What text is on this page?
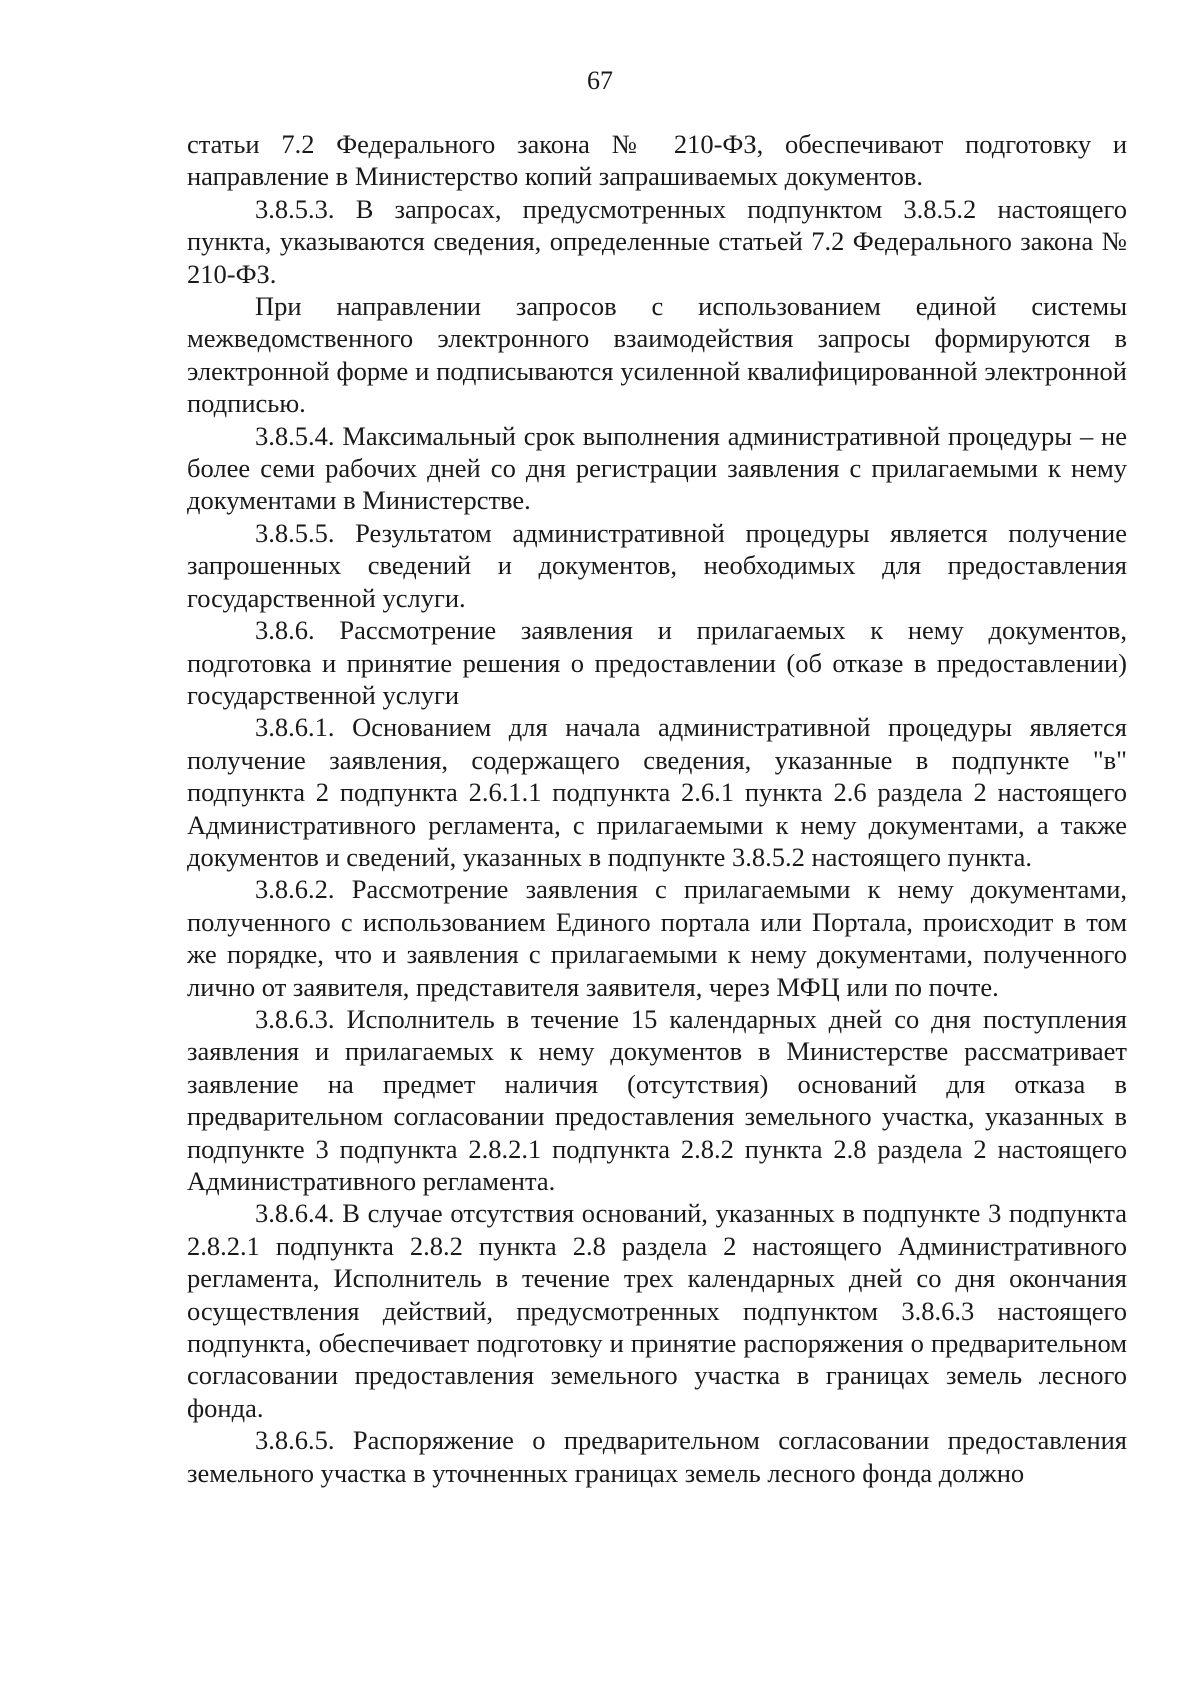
67

статьи 7.2 Федерального закона № 210-ФЗ, обеспечивают подготовку и направление в Министерство копий запрашиваемых документов.

3.8.5.3. В запросах, предусмотренных подпунктом 3.8.5.2 настоящего пункта, указываются сведения, определенные статьей 7.2 Федерального закона № 210-ФЗ.

При направлении запросов с использованием единой системы межведомственного электронного взаимодействия запросы формируются в электронной форме и подписываются усиленной квалифицированной электронной подписью.

3.8.5.4. Максимальный срок выполнения административной процедуры – не более семи рабочих дней со дня регистрации заявления с прилагаемыми к нему документами в Министерстве.

3.8.5.5. Результатом административной процедуры является получение запрошенных сведений и документов, необходимых для предоставления государственной услуги.

3.8.6. Рассмотрение заявления и прилагаемых к нему документов, подготовка и принятие решения о предоставлении (об отказе в предоставлении) государственной услуги

3.8.6.1. Основанием для начала административной процедуры является получение заявления, содержащего сведения, указанные в подпункте "в" подпункта 2 подпункта 2.6.1.1 подпункта 2.6.1 пункта 2.6 раздела 2 настоящего Административного регламента, с прилагаемыми к нему документами, а также документов и сведений, указанных в подпункте 3.8.5.2 настоящего пункта.

3.8.6.2. Рассмотрение заявления с прилагаемыми к нему документами, полученного с использованием Единого портала или Портала, происходит в том же порядке, что и заявления с прилагаемыми к нему документами, полученного лично от заявителя, представителя заявителя, через МФЦ или по почте.

3.8.6.3. Исполнитель в течение 15 календарных дней со дня поступления заявления и прилагаемых к нему документов в Министерстве рассматривает заявление на предмет наличия (отсутствия) оснований для отказа в предварительном согласовании предоставления земельного участка, указанных в подпункте 3 подпункта 2.8.2.1 подпункта 2.8.2 пункта 2.8 раздела 2 настоящего Административного регламента.

3.8.6.4. В случае отсутствия оснований, указанных в подпункте 3 подпункта 2.8.2.1 подпункта 2.8.2 пункта 2.8 раздела 2 настоящего Административного регламента, Исполнитель в течение трех календарных дней со дня окончания осуществления действий, предусмотренных подпунктом 3.8.6.3 настоящего подпункта, обеспечивает подготовку и принятие распоряжения о предварительном согласовании предоставления земельного участка в границах земель лесного фонда.

3.8.6.5. Распоряжение о предварительном согласовании предоставления земельного участка в уточненных границах земель лесного фонда должно
